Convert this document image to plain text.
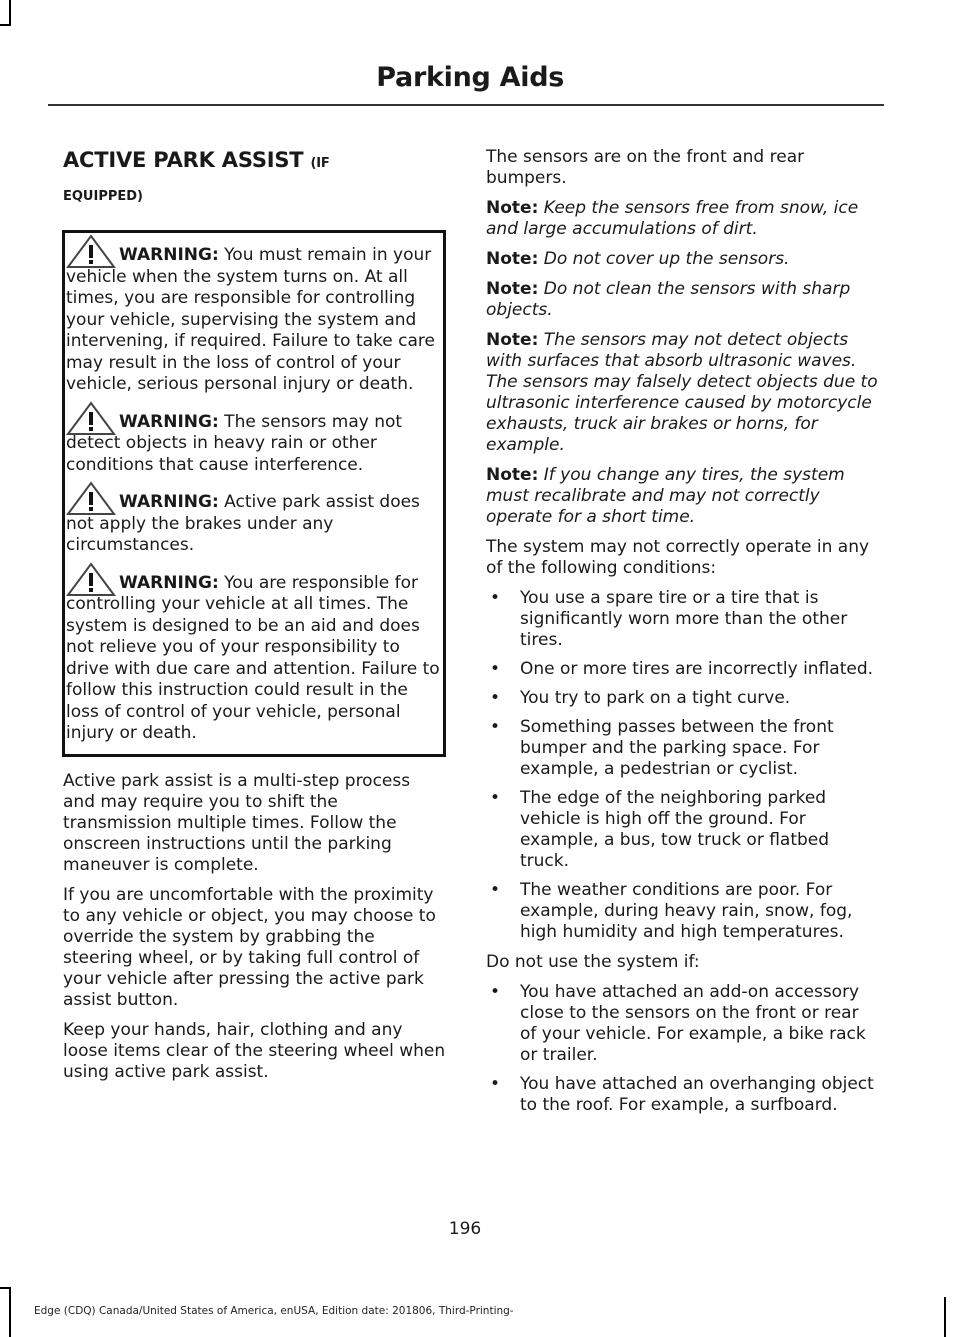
Parking Aids
ACTIVE PARK ASSIST (IF
EQUIPPED)
WARNING: You must remain in your vehicle when the system turns on. At all times, you are responsible for controlling your vehicle, supervising the system and intervening, if required. Failure to take care may result in the loss of control of your vehicle, serious personal injury or death.
WARNING: The sensors may not detect objects in heavy rain or other conditions that cause interference.
WARNING: Active park assist does not apply the brakes under any circumstances.
WARNING: You are responsible for controlling your vehicle at all times. The system is designed to be an aid and does not relieve you of your responsibility to drive with due care and attention. Failure to follow this instruction could result in the loss of control of your vehicle, personal injury or death.

Active park assist is a multi-step process and may require you to shift the transmission multiple times. Follow the onscreen instructions until the parking maneuver is complete.

If you are uncomfortable with the proximity to any vehicle or object, you may choose to override the system by grabbing the steering wheel, or by taking full control of your vehicle after pressing the active park assist button.

Keep your hands, hair, clothing and any loose items clear of the steering wheel when using active park assist.

The sensors are on the front and rear bumpers.

Note: Keep the sensors free from snow, ice and large accumulations of dirt.

Note: Do not cover up the sensors.

Note: Do not clean the sensors with sharp objects.

Note: The sensors may not detect objects with surfaces that absorb ultrasonic waves. The sensors may falsely detect objects due to ultrasonic interference caused by motorcycle exhausts, truck air brakes or horns, for example.

Note: If you change any tires, the system must recalibrate and may not correctly operate for a short time.

The system may not correctly operate in any of the following conditions:

• You use a spare tire or a tire that is significantly worn more than the other tires.
• One or more tires are incorrectly inflated.
• You try to park on a tight curve.
• Something passes between the front bumper and the parking space. For example, a pedestrian or cyclist.
• The edge of the neighboring parked vehicle is high off the ground. For example, a bus, tow truck or flatbed truck.
• The weather conditions are poor. For example, during heavy rain, snow, fog, high humidity and high temperatures.

Do not use the system if:

• You have attached an add-on accessory close to the sensors on the front or rear of your vehicle. For example, a bike rack or trailer.
• You have attached an overhanging object to the roof. For example, a surfboard.
196
Edge (CDQ) Canada/United States of America, enUSA, Edition date: 201806, Third-Printing-
